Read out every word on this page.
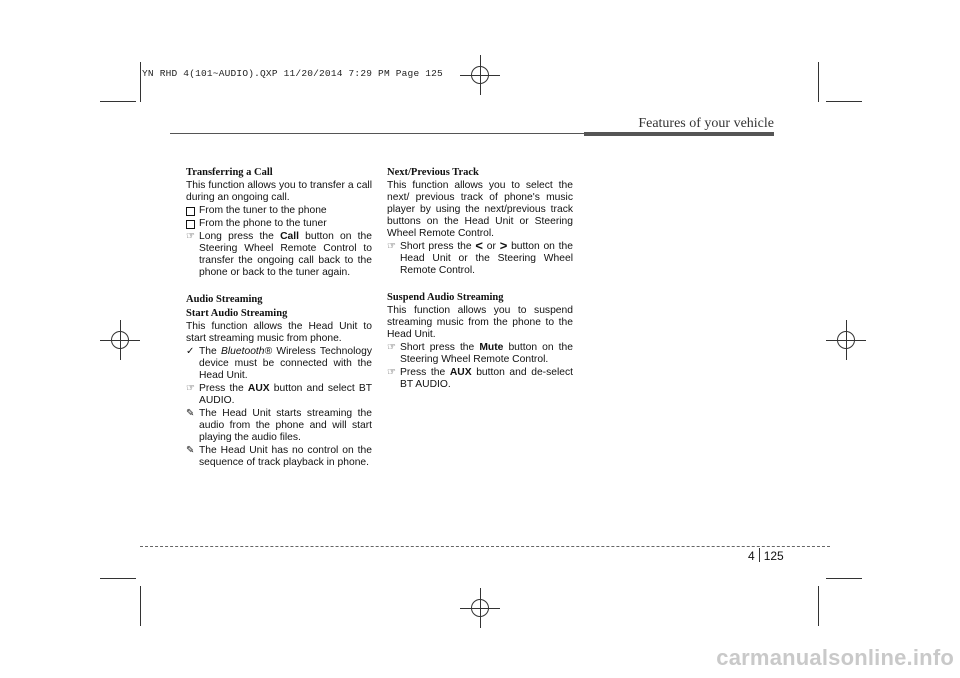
YN RHD 4(101~AUDIO).QXP 11/20/2014 7:29 PM Page 125
Features of your vehicle
Transferring a Call

This function allows you to transfer a call during an ongoing call.

From the tuner to the phone
From the phone to the tuner
☞ Long press the Call button on the Steering Wheel Remote Control to transfer the ongoing call back to the phone or back to the tuner again.
Audio Streaming
Start Audio Streaming

This function allows the Head Unit to start streaming music from phone.

✓ The Bluetooth® Wireless Technology device must be connected with the Head Unit.
☞ Press the AUX button and select BT AUDIO.
✎ The Head Unit starts streaming the audio from the phone and will start playing the audio files.
✎ The Head Unit has no control on the sequence of track playback in phone.
Next/Previous Track

This function allows you to select the next/ previous track of phone's music player by using the next/previous track buttons on the Head Unit or Steering Wheel Remote Control.

☞ Short press the < or > button on the Head Unit or the Steering Wheel Remote Control.
Suspend Audio Streaming

This function allows you to suspend streaming music from the phone to the Head Unit.

☞ Short press the Mute button on the Steering Wheel Remote Control.
☞ Press the AUX button and de-select BT AUDIO.
4 125
carmanualsonline.info
